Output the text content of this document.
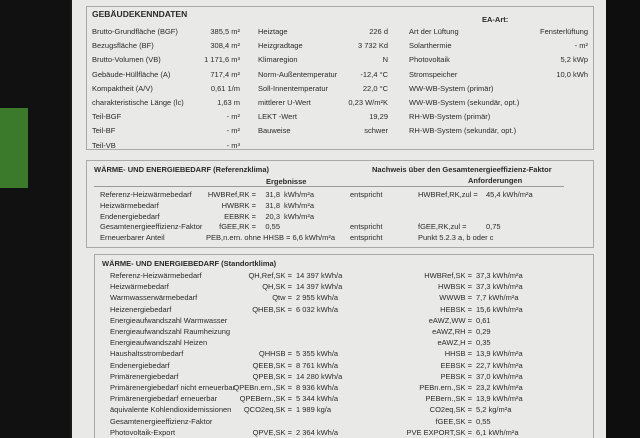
GEBÄUDEKENNDATEN
EA-Art:
Brutto-Grundfläche (BGF)	385,5 m² Heiztage	226 d	Art der Lüftung	Fensterlüftung
Bezugsfläche (BF)	308,4 m² Heizgradtage	3 732 Kd	Solarthermie	- m²
Brutto-Volumen (VB)	1 171,6 m³ Klimaregion	N	Photovoltaik	5,2 kWp
Gebäude-Hüllfläche (A)	717,4 m² Norm-Außentemperatur	-12,4 °C	Stromspeicher	10,0 kWh
Kompaktheit (A/V)	0,61 1/m Soll-Innentemperatur	22,0 °C	WW-WB-System (primär)
charakteristische Länge (lc)	1,63 m mittlerer U-Wert	0,23 W/m²K	WW-WB-System (sekundär, opt.)
Teil-BGF	- m² LEKT -Wert	19,29	RH-WB-System (primär)
Teil-BF	- m² Bauweise	schwer	RH-WB-System (sekundär, opt.)
Teil-VB	- m³
WÄRME- UND ENERGIEBEDARF (Referenzklima)	Nachweis über den Gesamtenergieeffizienz-Faktor
Ergebnisse	Anforderungen
Referenz-Heizwärmebedarf	HWBRef,RK =	31,8 kWh/m²a	entspricht	HWBRef,RK,zul = 45,4 kWh/m²a
Heizwärmebedarf	HWBRK =	31,8 kWh/m²a
Endenergiebedarf	EEBRK =	20,3 kWh/m²a
Gesamtenergieeffizienz-Faktor	fGEE,RK =	0,55	entspricht	fGEE,RK,zul =	0,75
Erneuerbarer Anteil	PEB,n.ern. ohne HHSB = 6,6 kWh/m²a entspricht	Punkt 5.2.3 a, b oder c
WÄRME- UND ENERGIEBEDARF (Standortklima)
Referenz-Heizwärmebedarf	QH,Ref,SK = 14 397 kWh/a	HWBRef,SK = 37,3 kWh/m²a
Heizwärmebedarf	QH,SK = 14 397 kWh/a	HWBSK = 37,3 kWh/m²a
Warmwasserwärmebedarf	Qtw = 2 955 kWh/a	WWWB = 7,7 kWh/m²a
Heizenergiebedarf	QHEB,SK = 6 032 kWh/a	HEBSK = 15,6 kWh/m²a
Energieaufwandszahl Warmwasser	eAWZ,WW = 0,61
Energieaufwandszahl Raumheizung	eAWZ,RH = 0,29
Energieaufwandszahl Heizen	eAWZ,H = 0,35
Haushaltsstrombedarf	QHHSB = 5 355 kWh/a	HHSB = 13,9 kWh/m²a
Endenergiebedarf	QEEB,SK = 8 761 kWh/a	EEBSK = 22,7 kWh/m²a
Primärenergiebedarf	QPEB,SK = 14 280 kWh/a	PEBSK = 37,0 kWh/m²a
Primärenergiebedarf nicht erneuerbar
QPEBn.ern.,SK = 8 936 kWh/a	PEBn.ern.,SK = 23,2 kWh/m²a
Primärenergiebedarf erneuerbar	QPEBern.,SK = 5 344 kWh/a	PEBern.,SK = 13,9 kWh/m²a
äquivalente Kohlendioxidemissionen	QCO2eq,SK = 1 989 kg/a	CO2eq,SK = 5,2 kg/m²a
Gesamtenergieeffizienz-Faktor	fGEE,SK = 0,55
Photovoltaik-Export	QPVE,SK = 2 364 kWh/a	PVE EXPORT,SK = 6,1 kWh/m²a
